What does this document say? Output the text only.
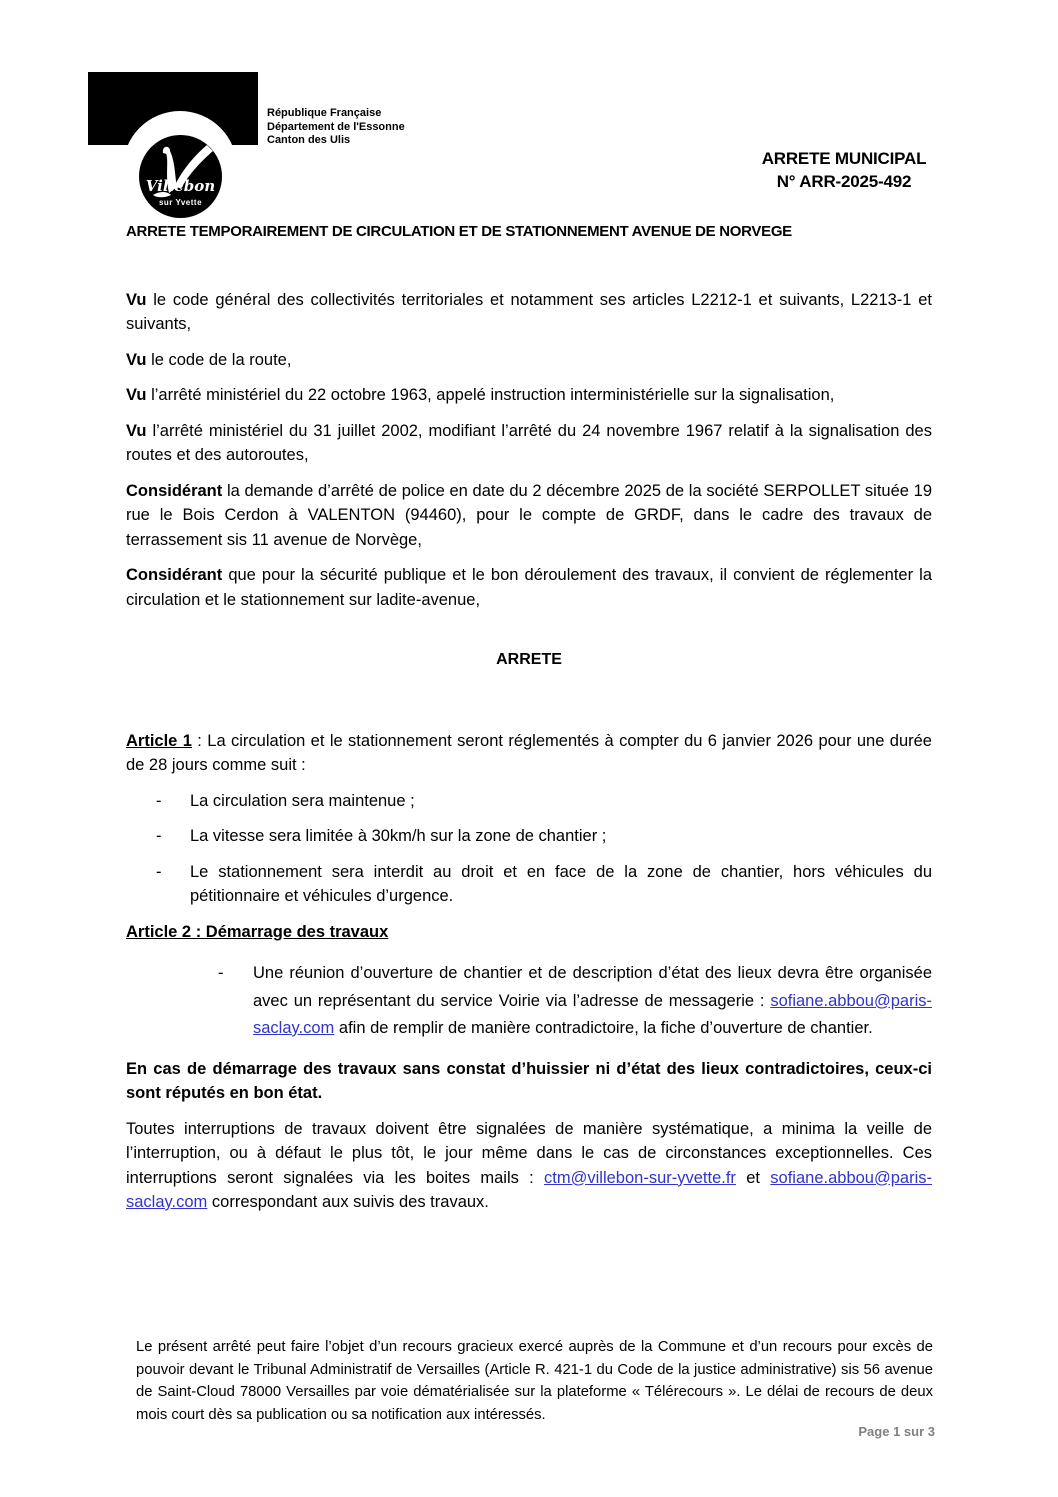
Villebon
sur Yvette
République Française
Département de l'Essonne
Canton des Ulis
ARRETE MUNICIPAL
N° ARR-2025-492
ARRETE TEMPORAIREMENT DE CIRCULATION ET DE STATIONNEMENT AVENUE DE NORVEGE

Vu le code général des collectivités territoriales et notamment ses articles L2212-1 et suivants, L2213-1 et suivants,

Vu le code de la route,

Vu l’arrêté ministériel du 22 octobre 1963, appelé instruction interministérielle sur la signalisation,

Vu l’arrêté ministériel du 31 juillet 2002, modifiant l’arrêté du 24 novembre 1967 relatif à la signalisation des routes et des autoroutes,

Considérant la demande d’arrêté de police en date du 2 décembre 2025 de la société SERPOLLET située 19 rue le Bois Cerdon à VALENTON (94460), pour le compte de GRDF, dans le cadre des travaux de terrassement sis 11 avenue de Norvège,

Considérant que pour la sécurité publique et le bon déroulement des travaux, il convient de réglementer la circulation et le stationnement sur ladite-avenue,

ARRETE

Article 1 : La circulation et le stationnement seront réglementés à compter du 6 janvier 2026 pour une durée de 28 jours comme suit :

- La circulation sera maintenue ;
- La vitesse sera limitée à 30km/h sur la zone de chantier ;
- Le stationnement sera interdit au droit et en face de la zone de chantier, hors véhicules du pétitionnaire et véhicules d’urgence.
Article 2 : Démarrage des travaux
- Une réunion d’ouverture de chantier et de description d’état des lieux devra être organisée avec un représentant du service Voirie via l’adresse de messagerie : sofiane.abbou@paris-saclay.com afin de remplir de manière contradictoire, la fiche d’ouverture de chantier.

En cas de démarrage des travaux sans constat d’huissier ni d’état des lieux contradictoires, ceux-ci sont réputés en bon état.

Toutes interruptions de travaux doivent être signalées de manière systématique, a minima la veille de l’interruption, ou à défaut le plus tôt, le jour même dans le cas de circonstances exceptionnelles. Ces interruptions seront signalées via les boites mails : ctm@villebon-sur-yvette.fr et sofiane.abbou@paris-saclay.com correspondant aux suivis des travaux.

Le présent arrêté peut faire l’objet d’un recours gracieux exercé auprès de la Commune et d’un recours pour excès de pouvoir devant le Tribunal Administratif de Versailles (Article R. 421-1 du Code de la justice administrative) sis 56 avenue de Saint-Cloud 78000 Versailles par voie dématérialisée sur la plateforme « Télérecours ». Le délai de recours de deux mois court dès sa publication ou sa notification aux intéressés.
Page 1 sur 3
